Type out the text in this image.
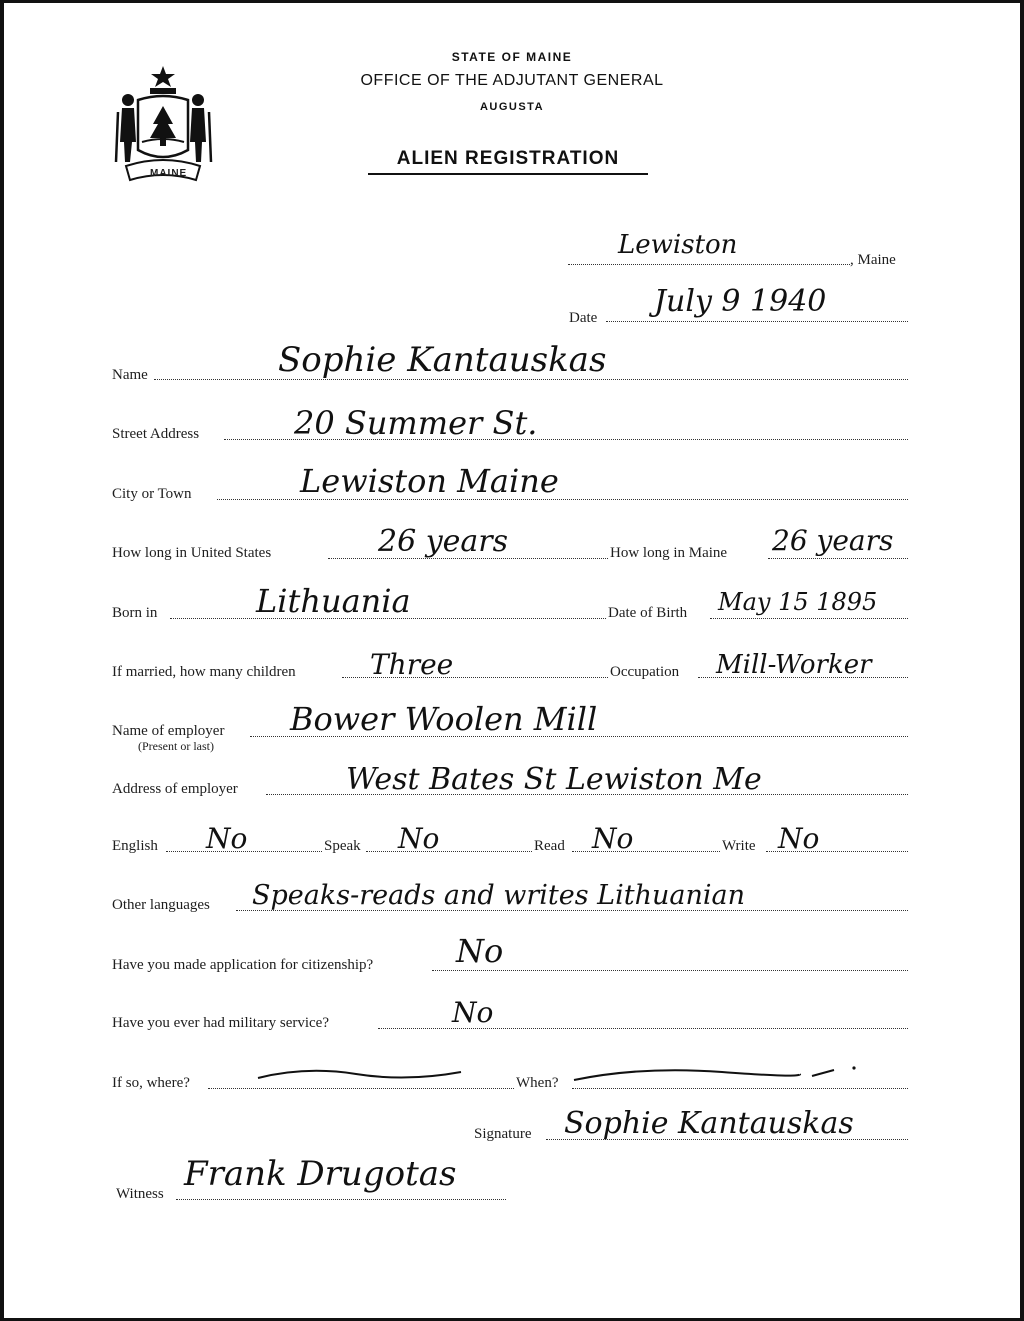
MAINE
STATE OF MAINE
OFFICE OF THE ADJUTANT GENERAL
AUGUSTA
ALIEN REGISTRATION
Lewiston	, Maine
Date July 9 1940
Name	Sophie Kantauskas
Street Address	20 Summer St.
City or Town	Lewiston Maine
How long in United States	26 years	How long in Maine 26 years
Born in	Lithuania	Date of Birth May 15 1895
If married, how many children	Three	Occupation Mill-Worker
Name of employer
(Present or last)
Bower Woolen Mill
Address of employer	West Bates St Lewiston Me
English No	Speak No	Read No	Write No
Other languages Speaks-reads and writes Lithuanian
Have you made application for citizenship?	No
Have you ever had military service?	No
If so, where?	When?
Signature Sophie Kantauskas
Witness Frank Drugotas
